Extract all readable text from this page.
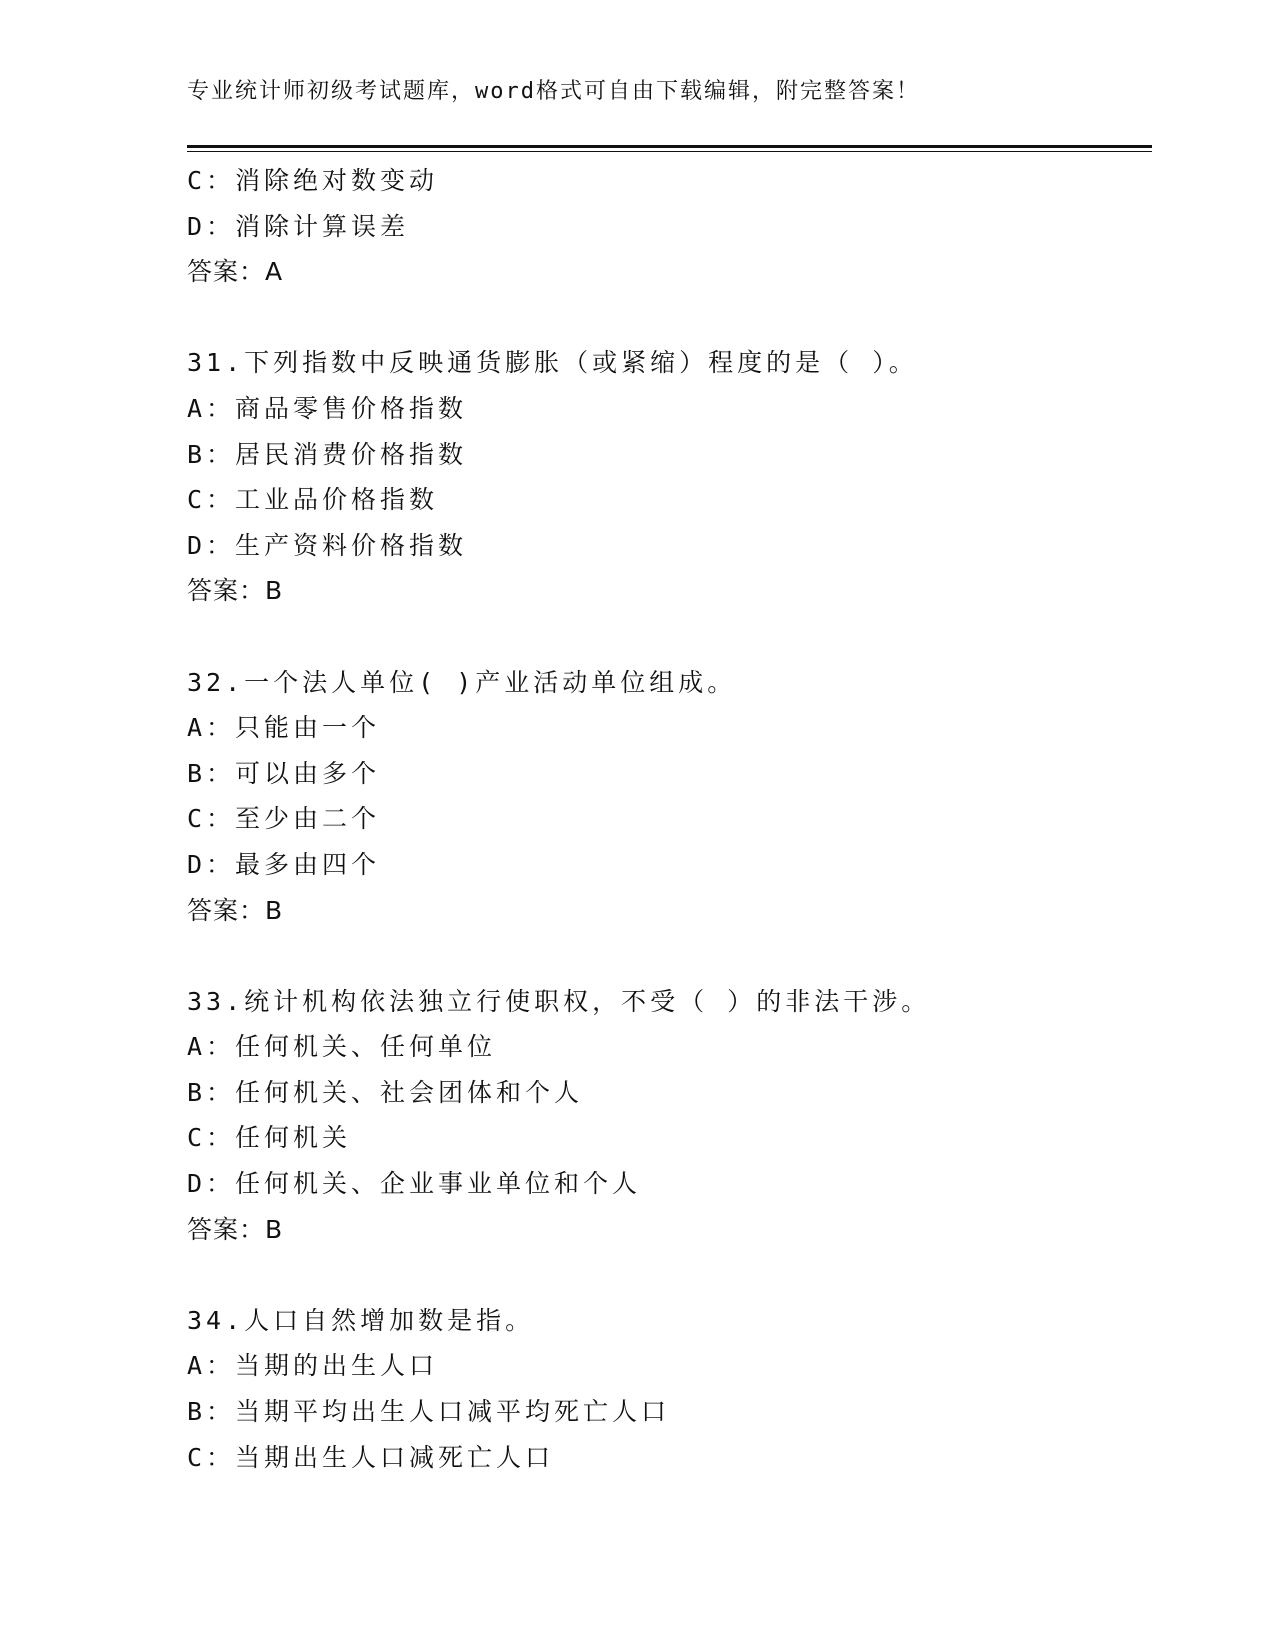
专业统计师初级考试题库，word格式可自由下载编辑，附完整答案！
C：消除绝对数变动
D：消除计算误差
答案：A
31.下列指数中反映通货膨胀（或紧缩）程度的是（ ）。
A：商品零售价格指数
B：居民消费价格指数
C：工业品价格指数
D：生产资料价格指数
答案：B
32.一个法人单位( )产业活动单位组成。
A：只能由一个
B：可以由多个
C：至少由二个
D：最多由四个
答案：B
33.统计机构依法独立行使职权，不受（ ）的非法干涉。
A：任何机关、任何单位
B：任何机关、社会团体和个人
C：任何机关
D：任何机关、企业事业单位和个人
答案：B
34.人口自然增加数是指。
A：当期的出生人口
B：当期平均出生人口减平均死亡人口
C：当期出生人口减死亡人口
